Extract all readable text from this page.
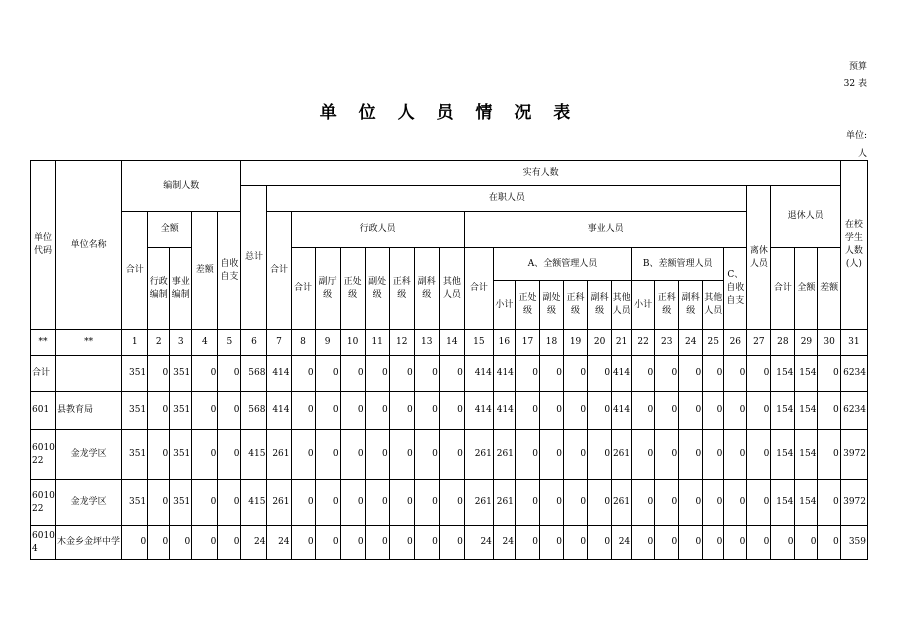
预算
32 表
单 位 人 员 情 况 表
单位:
人
单位代码	单位名称	编制人数					实有人数																									在校学生人数(人)
							总计	在职人员																				离休人员	退休人员			
		合计	全额		差额	自收自支		合计	行政人员							事业人员																
			行政编制	事业编制					合计	副厅级	正处级	副处级	正科级	副科级	其他人员	合计	A、全额管理人员						B、差额管理人员				C、自收自支		合计	全额	差额	
																	小计	正处级	副处级	正科级	副科级	其他人员	小计	正科级	副科级	其他人员						

**	**	1	2	3	4	5	6	7	8	9	10	11	12	13	14	15	16	17	18	19	20	21	22	23	24	25	26	27	28	29	30	31
合计		351	0	351	0	0	568	414	0	0	0	0	0	0	0	414	414	0	0	0	0	414	0	0	0	0	0	0	154	154	0	6234
601	县教育局	351	0	351	0	0	568	414	0	0	0	0	0	0	0	414	414	0	0	0	0	414	0	0	0	0	0	0	154	154	0	6234
601022	金龙学区	351	0	351	0	0	415	261	0	0	0	0	0	0	0	261	261	0	0	0	0	261	0	0	0	0	0	0	154	154	0	3972
601022	金龙学区	351	0	351	0	0	415	261	0	0	0	0	0	0	0	261	261	0	0	0	0	261	0	0	0	0	0	0	154	154	0	3972
60104	木金乡金坪中学	0	0	0	0	0	24	24	0	0	0	0	0	0	0	24	24	0	0	0	0	24	0	0	0	0	0	0	0	0	0	359
